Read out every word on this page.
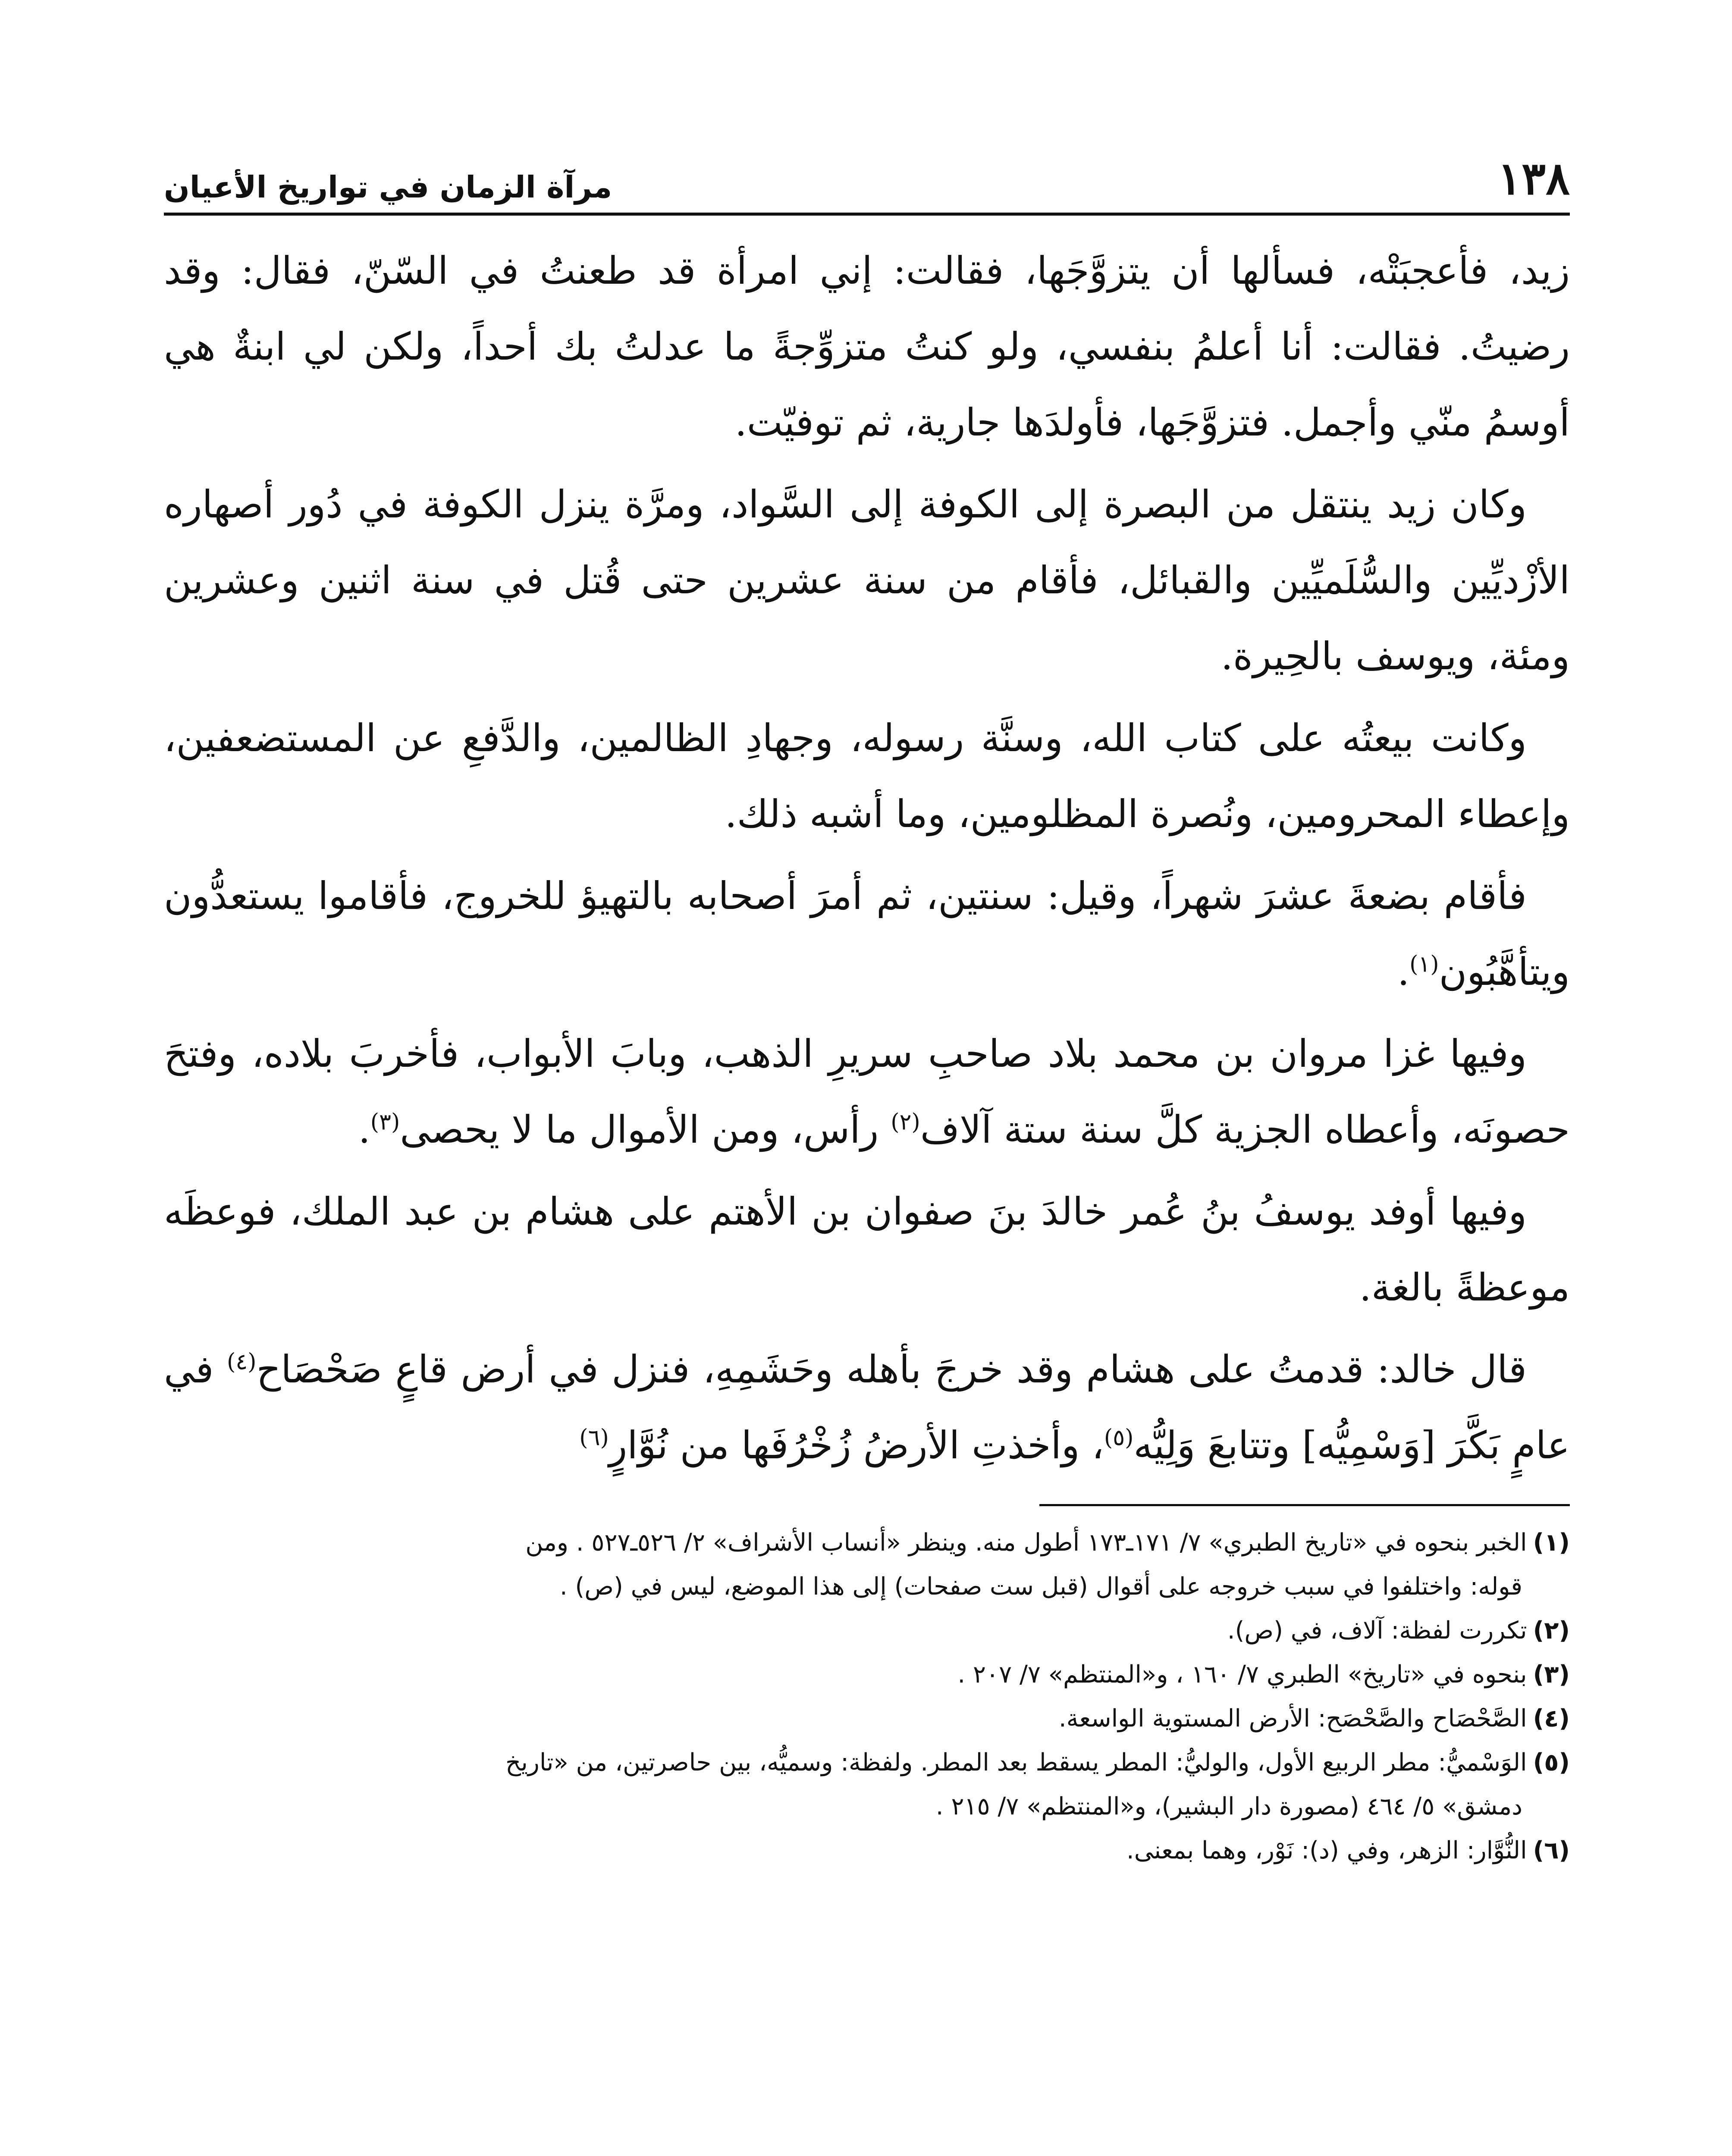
١٣٨
مرآة الزمان في تواريخ الأعيان

زيد، فأعجبَتْه، فسألها أن يتزوَّجَها، فقالت: إني امرأة قد طعنتُ في السّنّ، فقال: وقد رضيتُ. فقالت: أنا أعلمُ بنفسي، ولو كنتُ متزوِّجةً ما عدلتُ بك أحداً، ولكن لي ابنةٌ هي أوسمُ منّي وأجمل. فتزوَّجَها، فأولدَها جارية، ثم توفيّت.

وكان زيد ينتقل من البصرة إلى الكوفة إلى السَّواد، ومرَّة ينزل الكوفة في دُور أصهاره الأزْديِّين والسُّلَميِّين والقبائل، فأقام من سنة عشرين حتى قُتل في سنة اثنين وعشرين ومئة، ويوسف بالحِيرة.

وكانت بيعتُه على كتاب الله، وسنَّة رسوله، وجهادِ الظالمين، والدَّفعِ عن المستضعفين، وإعطاء المحرومين، ونُصرة المظلومين، وما أشبه ذلك.

فأقام بضعةَ عشرَ شهراً، وقيل: سنتين، ثم أمرَ أصحابه بالتهيؤ للخروج، فأقاموا يستعدُّون ويتأهَّبُون$^{(١)}$.

وفيها غزا مروان بن محمد بلاد صاحبِ سريرِ الذهب، وبابَ الأبواب، فأخربَ بلاده، وفتحَ حصونَه، وأعطاه الجزية كلَّ سنة ستة آلاف$^{(٢)}$ رأس، ومن الأموال ما لا يحصى$^{(٣)}$.

وفيها أوفد يوسفُ بنُ عُمر خالدَ بنَ صفوان بن الأهتم على هشام بن عبد الملك، فوعظَه موعظةً بالغة.

قال خالد: قدمتُ على هشام وقد خرجَ بأهله وحَشَمِهِ، فنزل في أرض قاعٍ صَحْصَاح$^{(٤)}$ في عامٍ بَكَّرَ [وَسْمِيُّه] وتتابعَ وَلِيُّه$^{(٥)}$، وأخذتِ الأرضُ زُخْرُفَها من نُوَّارٍ$^{(٦)}$

(١)الخبر بنحوه في «تاريخ الطبري» ٧/ ١٧١ـ١٧٣ أطول منه. وينظر «أنساب الأشراف» ٢/ ٥٢٦ـ٥٢٧ . ومن

قوله: واختلفوا في سبب خروجه على أقوال (قبل ست صفحات) إلى هذا الموضع، ليس في (ص) .

(٢)تكررت لفظة: آلاف، في (ص).

(٣)بنحوه في «تاريخ» الطبري ٧/ ١٦٠ ، و«المنتظم» ٧/ ٢٠٧ .

(٤)الصَّحْصَاح والصَّحْصَح: الأرض المستوية الواسعة.

(٥)الوَسْميُّ: مطر الربيع الأول، والوليُّ: المطر يسقط بعد المطر. ولفظة: وسميُّه، بين حاصرتين، من «تاريخ

دمشق» ٥/ ٤٦٤ (مصورة دار البشير)، و«المنتظم» ٧/ ٢١٥ .

(٦)النُّوَّار: الزهر، وفي (د): نَوْر، وهما بمعنى.
